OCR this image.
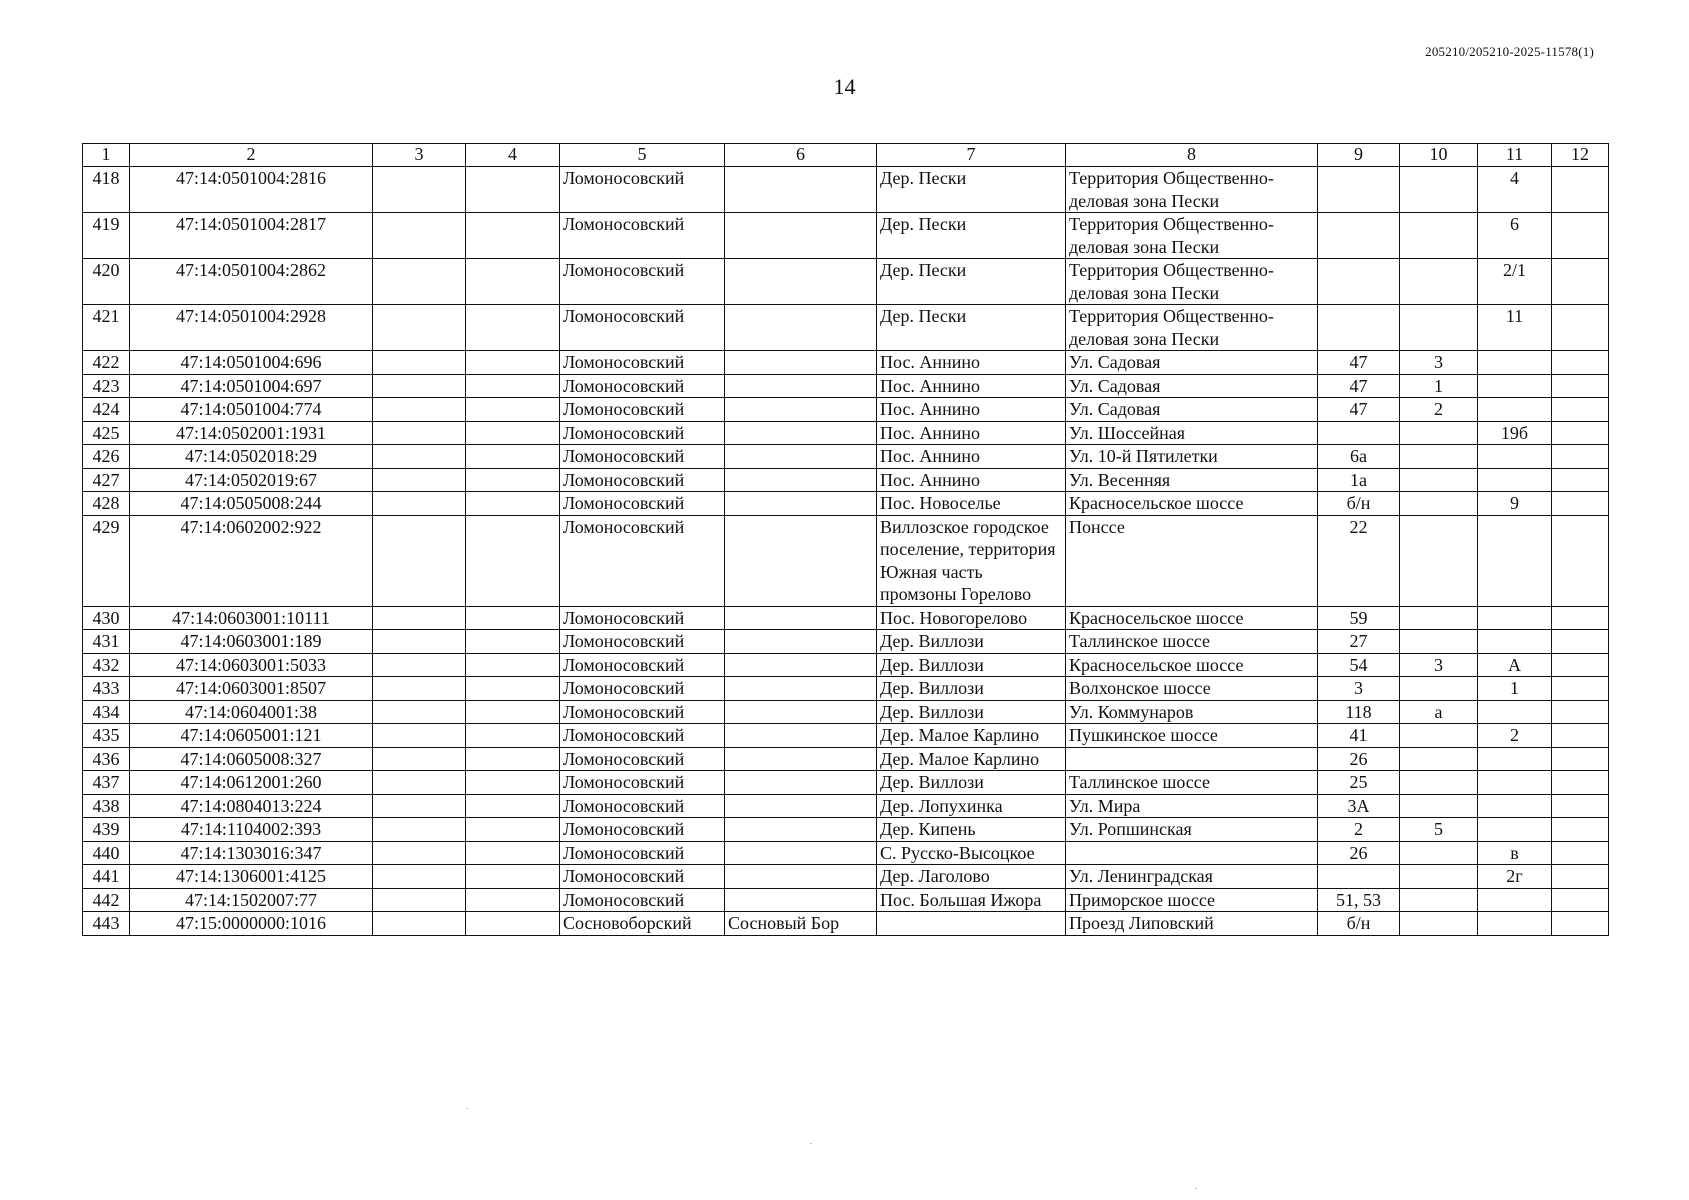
205210/205210-2025-11578(1)
14
1	2	3	4	5	6	7	8	9	10	11	12
418	47:14:0501004:2816			Ломоносовский		Дер. Пески	Территория Общественно-деловая зона Пески			4	
419	47:14:0501004:2817			Ломоносовский		Дер. Пески	Территория Общественно-деловая зона Пески			6	
420	47:14:0501004:2862			Ломоносовский		Дер. Пески	Территория Общественно-деловая зона Пески			2/1	
421	47:14:0501004:2928			Ломоносовский		Дер. Пески	Территория Общественно-деловая зона Пески			11	
422	47:14:0501004:696			Ломоносовский		Пос. Аннино	Ул. Садовая	47	3		
423	47:14:0501004:697			Ломоносовский		Пос. Аннино	Ул. Садовая	47	1		
424	47:14:0501004:774			Ломоносовский		Пос. Аннино	Ул. Садовая	47	2		
425	47:14:0502001:1931			Ломоносовский		Пос. Аннино	Ул. Шоссейная			19б	
426	47:14:0502018:29			Ломоносовский		Пос. Аннино	Ул. 10-й Пятилетки	6а			
427	47:14:0502019:67			Ломоносовский		Пос. Аннино	Ул. Весенняя	1а			
428	47:14:0505008:244			Ломоносовский		Пос. Новоселье	Красносельское шоссе	б/н		9	
429	47:14:0602002:922			Ломоносовский		Виллозское городское поселение, территория Южная часть промзоны Горелово	Понссе	22			
430	47:14:0603001:10111			Ломоносовский		Пос. Новогорелово	Красносельское шоссе	59			
431	47:14:0603001:189			Ломоносовский		Дер. Виллози	Таллинское шоссе	27			
432	47:14:0603001:5033			Ломоносовский		Дер. Виллози	Красносельское шоссе	54	3	А	
433	47:14:0603001:8507			Ломоносовский		Дер. Виллози	Волхонское шоссе	3		1	
434	47:14:0604001:38			Ломоносовский		Дер. Виллози	Ул. Коммунаров	118	а		
435	47:14:0605001:121			Ломоносовский		Дер. Малое Карлино	Пушкинское шоссе	41		2	
436	47:14:0605008:327			Ломоносовский		Дер. Малое Карлино		26			
437	47:14:0612001:260			Ломоносовский		Дер. Виллози	Таллинское шоссе	25			
438	47:14:0804013:224			Ломоносовский		Дер. Лопухинка	Ул. Мира	3А			
439	47:14:1104002:393			Ломоносовский		Дер. Кипень	Ул. Ропшинская	2	5		
440	47:14:1303016:347			Ломоносовский		С. Русско-Высоцкое		26		в	
441	47:14:1306001:4125			Ломоносовский		Дер. Лаголово	Ул. Ленинградская			2г	
442	47:14:1502007:77			Ломоносовский		Пос. Большая Ижора	Приморское шоссе	51, 53			
443	47:15:0000000:1016			Сосновоборский	Сосновый Бор		Проезд Липовский	б/н			
